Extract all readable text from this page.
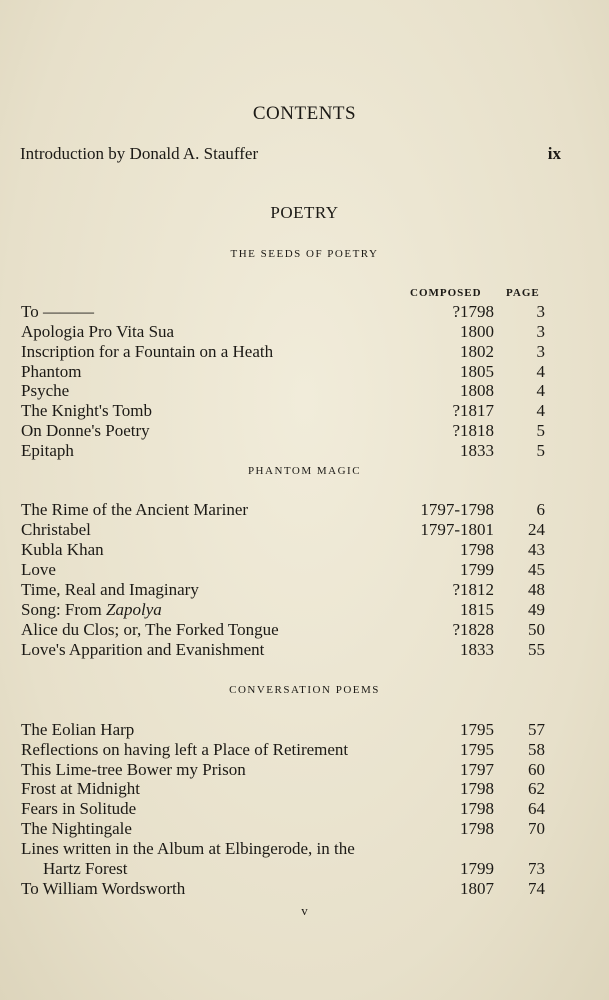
CONTENTS
Introduction by Donald A. Stauffer	ix
POETRY
THE SEEDS OF POETRY
COMPOSED PAGE
To ———	?1798	3
Apologia Pro Vita Sua	1800	3
Inscription for a Fountain on a Heath	1802	3
Phantom	1805	4
Psyche	1808	4
The Knight's Tomb	?1817	4
On Donne's Poetry	?1818	5
Epitaph	1833	5
PHANTOM MAGIC
The Rime of the Ancient Mariner	1797-1798	6
Christabel	1797-1801 24
Kubla Khan	1798 43
Love	1799 45
Time, Real and Imaginary	?1812 48
Song: From Zapolya	1815 49
Alice du Clos; or, The Forked Tongue	?1828 50
Love's Apparition and Evanishment	1833 55
CONVERSATION POEMS
The Eolian Harp	1795 57
Reflections on having left a Place of Retirement	1795 58
This Lime-tree Bower my Prison	1797 60
Frost at Midnight	1798 62
Fears in Solitude	1798 64
The Nightingale	1798 70
Lines written in the Album at Elbingerode, in the
Hartz Forest	1799 73
To William Wordsworth	1807 74
v
